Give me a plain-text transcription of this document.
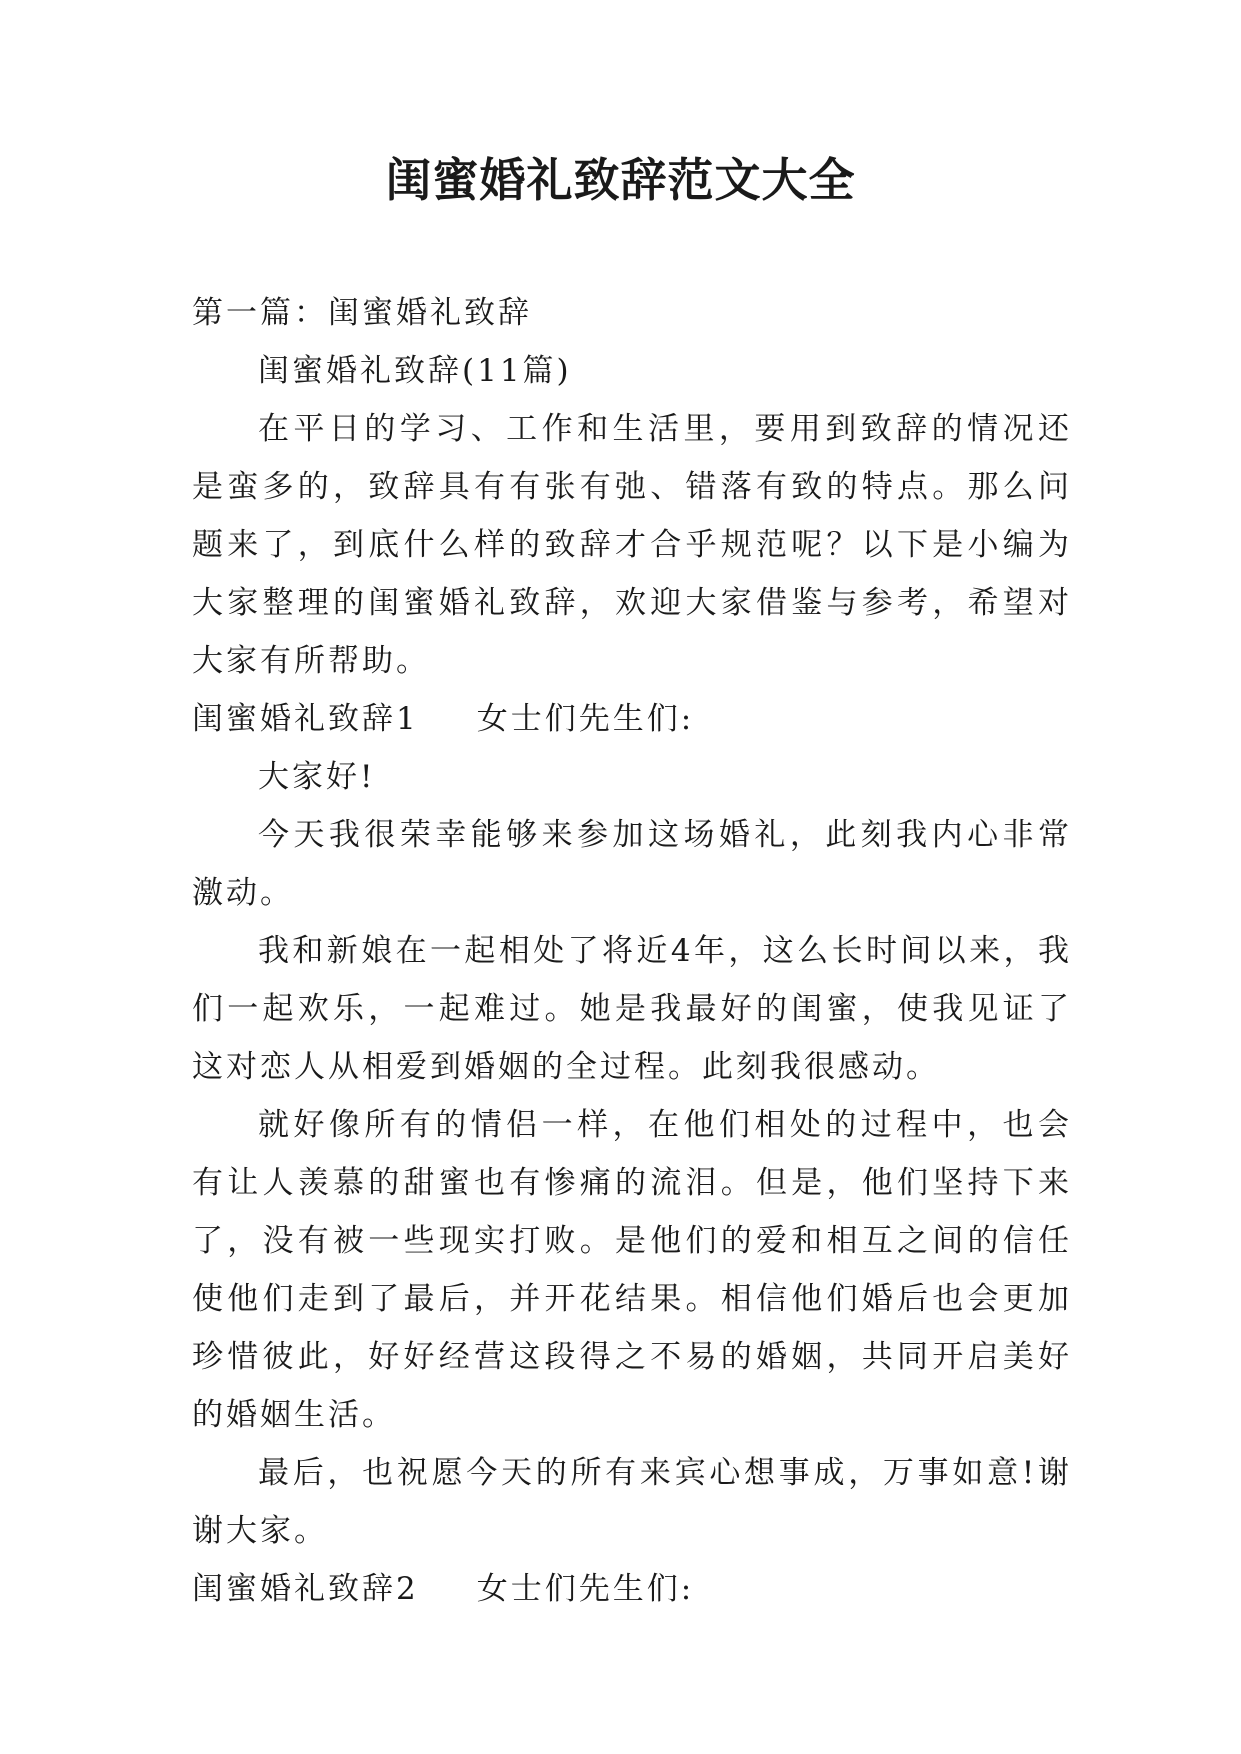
闺蜜婚礼致辞范文大全

第一篇：闺蜜婚礼致辞

闺蜜婚礼致辞(11篇)

在平日的学习、工作和生活里，要用到致辞的情况还是蛮多的，致辞具有有张有弛、错落有致的特点。那么问题来了，到底什么样的致辞才合乎规范呢？以下是小编为大家整理的闺蜜婚礼致辞，欢迎大家借鉴与参考，希望对大家有所帮助。

闺蜜婚礼致辞1 女士们先生们:

大家好!

今天我很荣幸能够来参加这场婚礼，此刻我内心非常激动。

我和新娘在一起相处了将近4年，这么长时间以来，我们一起欢乐，一起难过。她是我最好的闺蜜，使我见证了这对恋人从相爱到婚姻的全过程。此刻我很感动。

就好像所有的情侣一样，在他们相处的过程中，也会有让人羡慕的甜蜜也有惨痛的流泪。但是，他们坚持下来了，没有被一些现实打败。是他们的爱和相互之间的信任使他们走到了最后，并开花结果。相信他们婚后也会更加珍惜彼此，好好经营这段得之不易的婚姻，共同开启美好的婚姻生活。

最后，也祝愿今天的所有来宾心想事成，万事如意!谢谢大家。

闺蜜婚礼致辞2 女士们先生们:
